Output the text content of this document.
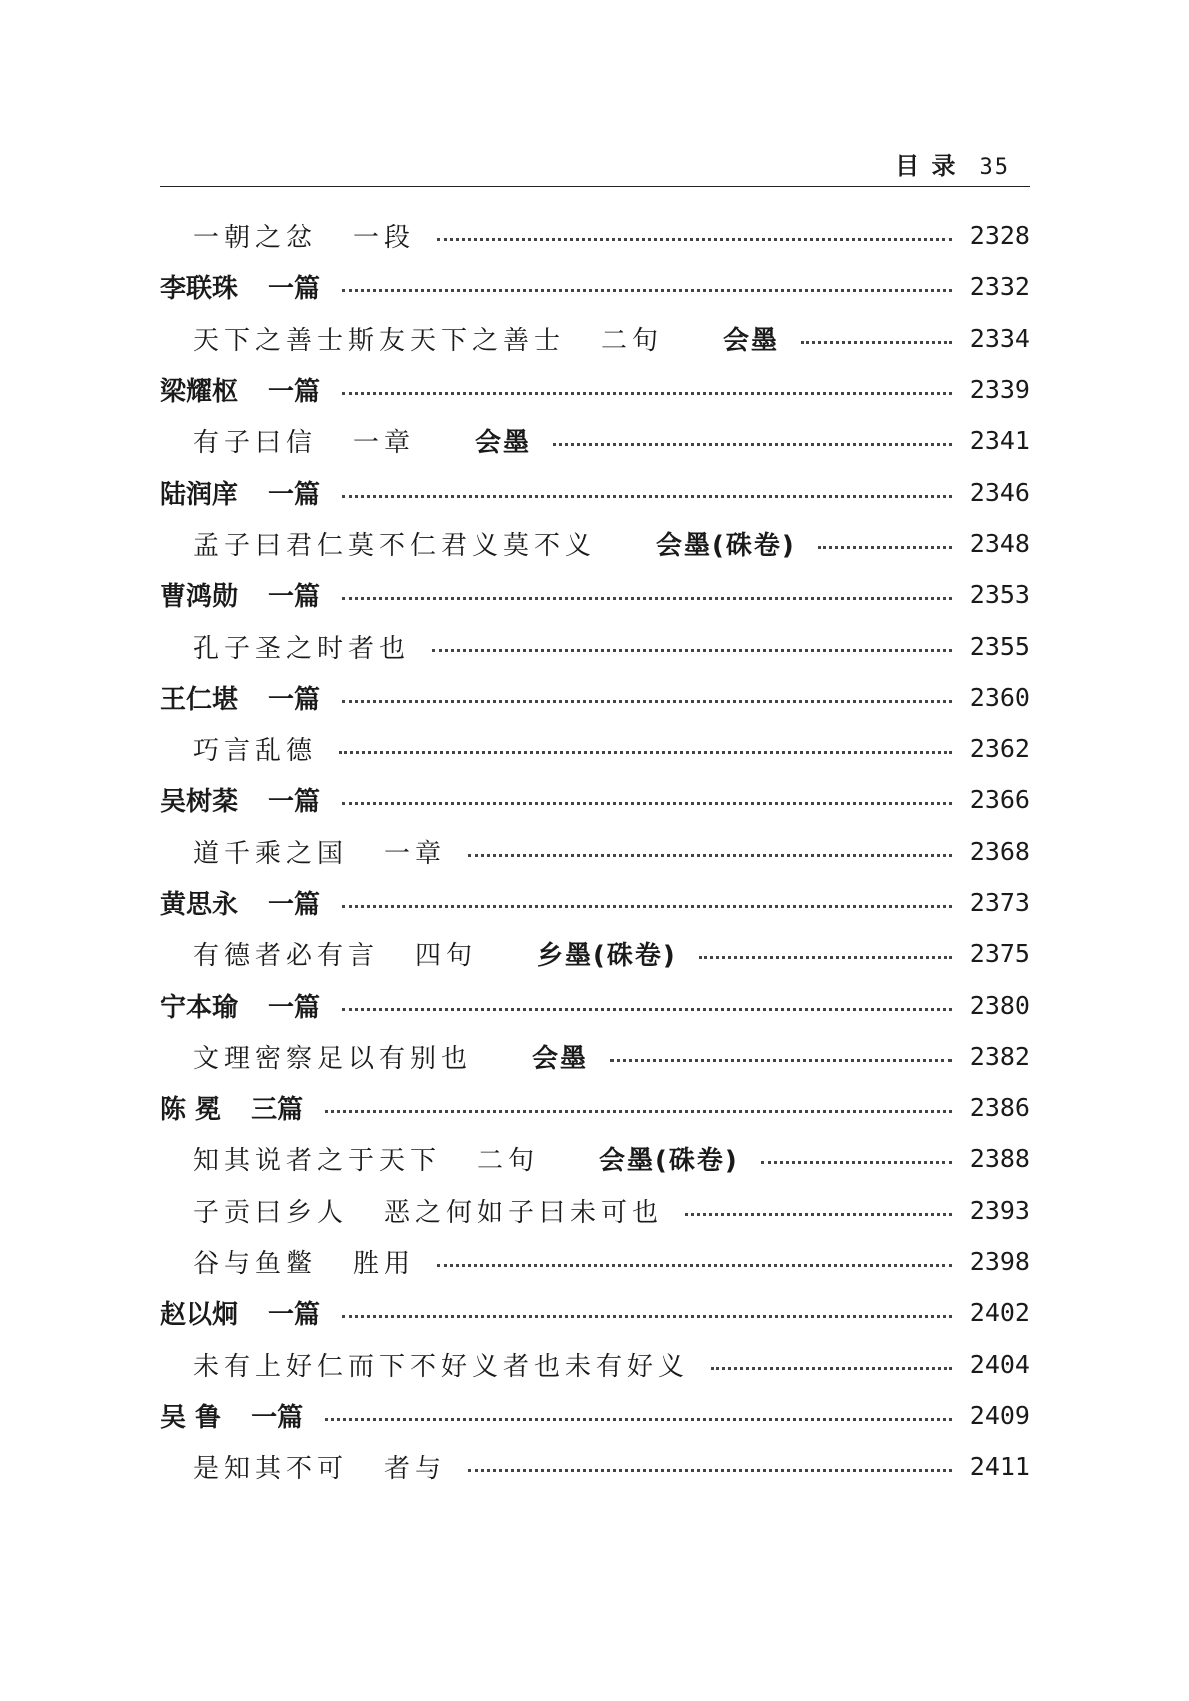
目 录 35
一朝之忿 一段	2328
李联珠 一篇	2332
天下之善士斯友天下之善士 二句 会墨	2334
梁耀枢 一篇	2339
有子曰信 一章 会墨	2341
陆润庠 一篇	2346
孟子曰君仁莫不仁君义莫不义 会墨(硃卷)	2348
曹鸿勋 一篇	2353
孔子圣之时者也	2355
王仁堪 一篇	2360
巧言乱德	2362
吴树棻 一篇	2366
道千乘之国 一章	2368
黄思永 一篇	2373
有德者必有言 四句 乡墨(硃卷)	2375
宁本瑜 一篇	2380
文理密察足以有别也 会墨	2382
陈 冕 三篇	2386
知其说者之于天下 二句 会墨(硃卷)	2388
子贡曰乡人 恶之何如子曰未可也	2393
谷与鱼鳖 胜用	2398
赵以炯 一篇	2402
未有上好仁而下不好义者也未有好义	2404
吴 鲁 一篇	2409
是知其不可 者与	2411
